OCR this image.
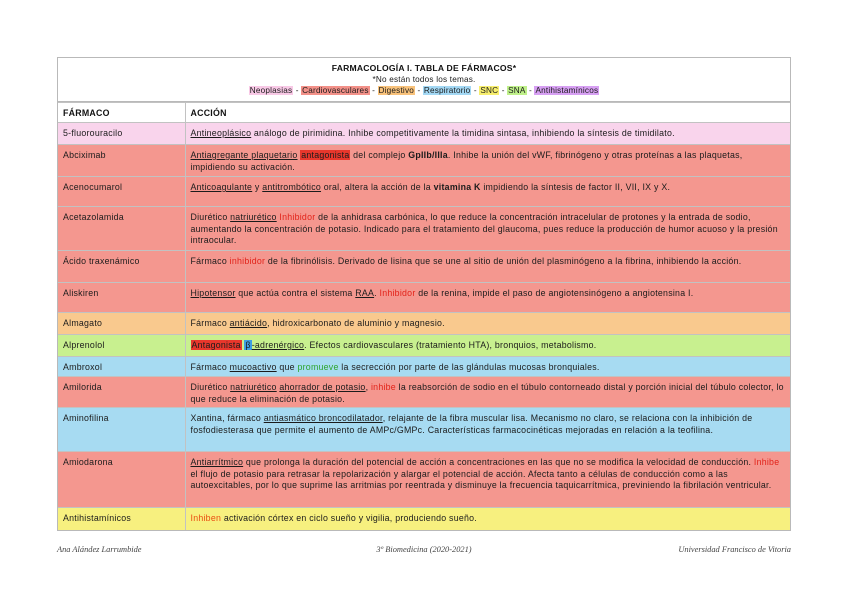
FARMACOLOGÍA I. TABLA DE FÁRMACOS*
*No están todos los temas.
Neoplasias - Cardiovasculares - Digestivo - Respiratorio - SNC - SNA - Antihistamínicos
FÁRMACO	ACCIÓN
5-fluorouracilo	Antineoplásico análogo de pirimidina. Inhibe competitivamente la timidina sintasa, inhibiendo la síntesis de timidilato.
Abciximab	Antiagregante plaquetario antagonista del complejo GpIIb/IIIa. Inhibe la unión del vWF, fibrinógeno y otras proteínas a las plaquetas, impidiendo su activación.
Acenocumarol	Anticoagulante y antitrombótico oral, altera la acción de la vitamina K impidiendo la síntesis de factor II, VII, IX y X.
Acetazolamida	Diurético natriurético Inhibidor de la anhidrasa carbónica, lo que reduce la concentración intracelular de protones y la entrada de sodio, aumentando la concentración de potasio. Indicado para el tratamiento del glaucoma, pues reduce la producción de humor acuoso y la presión intraocular.
Ácido traxenámico	Fármaco inhibidor de la fibrinólisis. Derivado de lisina que se une al sitio de unión del plasminógeno a la fibrina, inhibiendo la acción.
Aliskiren	Hipotensor que actúa contra el sistema RAA. Inhibidor de la renina, impide el paso de angiotensinógeno a angiotensina I.
Almagato	Fármaco antiácido, hidroxicarbonato de aluminio y magnesio.
Alprenolol	Antagonista β-adrenérgico. Efectos cardiovasculares (tratamiento HTA), bronquios, metabolismo.
Ambroxol	Fármaco mucoactivo que promueve la secrección por parte de las glándulas mucosas bronquiales.
Amilorida	Diurético natriurético ahorrador de potasio, inhibe la reabsorción de sodio en el túbulo contorneado distal y porción inicial del túbulo colector, lo que reduce la eliminación de potasio.
Aminofilina	Xantina, fármaco antiasmático broncodilatador, relajante de la fibra muscular lisa. Mecanismo no claro, se relaciona con la inhibición de fosfodiesterasa que permite el aumento de AMPc/GMPc. Características farmacocinéticas mejoradas en relación a la teofilina.
Amiodarona	Antiarrítmico que prolonga la duración del potencial de acción a concentraciones en las que no se modifica la velocidad de conducción. Inhibe el flujo de potasio para retrasar la repolarización y alargar el potencial de acción. Afecta tanto a células de conducción como a las autoexcitables, por lo que suprime las arritmias por reentrada y disminuye la frecuencia taquicarrítmica, previniendo la fibrilación ventricular.
Antihistamínicos	Inhiben activación córtex en ciclo sueño y vigilia, produciendo sueño.
Ana Alández Larrumbide	3º Biomedicina (2020-2021)	Universidad Francisco de Vitoria
